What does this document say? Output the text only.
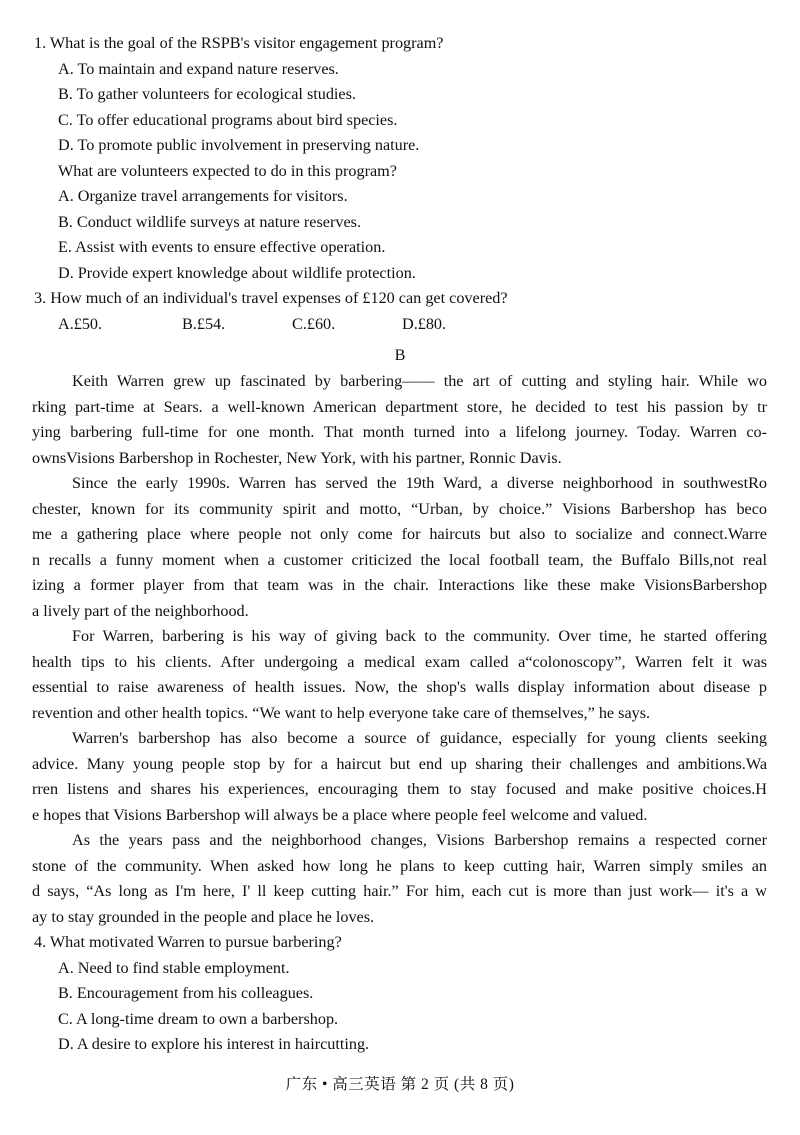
1. What is the goal of the RSPB's visitor engagement program?
A. To maintain and expand nature reserves.
B. To gather volunteers for ecological studies.
C. To offer educational programs about bird species.
D. To promote public involvement in preserving nature.
What are volunteers expected to do in this program?
A. Organize travel arrangements for visitors.
B. Conduct wildlife surveys at nature reserves.
E. Assist with events to ensure effective operation.
D. Provide expert knowledge about wildlife protection.
3. How much of an individual's travel expenses of £120 can get covered?
A.£50.	B.£54.	C.£60.	D.£80.
B
Keith Warren grew up fascinated by barbering—— the art of cutting and styling hair. While wo
rking part-time at Sears. a well-known American department store, he decided to test his passion by tr
ying barbering full-time for one month. That month turned into a lifelong journey. Today. Warren co-
ownsVisions Barbershop in Rochester, New York, with his partner, Ronnic Davis.
Since the early 1990s. Warren has served the 19th Ward, a diverse neighborhood in southwestRo
chester, known for its community spirit and motto, “Urban, by choice.” Visions Barbershop has beco
me a gathering place where people not only come for haircuts but also to socialize and connect.Warre
n recalls a funny moment when a customer criticized the local football team, the Buffalo Bills,not real
izing a former player from that team was in the chair. Interactions like these make VisionsBarbershop
a lively part of the neighborhood.
For Warren, barbering is his way of giving back to the community. Over time, he started offering
health tips to his clients. After undergoing a medical exam called a“colonoscopy”, Warren felt it was
essential to raise awareness of health issues. Now, the shop's walls display information about disease p
revention and other health topics. “We want to help everyone take care of themselves,” he says.
Warren's barbershop has also become a source of guidance, especially for young clients seeking
advice. Many young people stop by for a haircut but end up sharing their challenges and ambitions.Wa
rren listens and shares his experiences, encouraging them to stay focused and make positive choices.H
e hopes that Visions Barbershop will always be a place where people feel welcome and valued.
As the years pass and the neighborhood changes, Visions Barbershop remains a respected corner
stone of the community. When asked how long he plans to keep cutting hair, Warren simply smiles an
d says, “As long as I'm here, I' ll keep cutting hair.” For him, each cut is more than just work— it's a w
ay to stay grounded in the people and place he loves.
4. What motivated Warren to pursue barbering?
A. Need to find stable employment.
B. Encouragement from his colleagues.
C. A long-time dream to own a barbershop.
D. A desire to explore his interest in haircutting.
广东 • 高三英语 第 2 页 (共 8 页)
